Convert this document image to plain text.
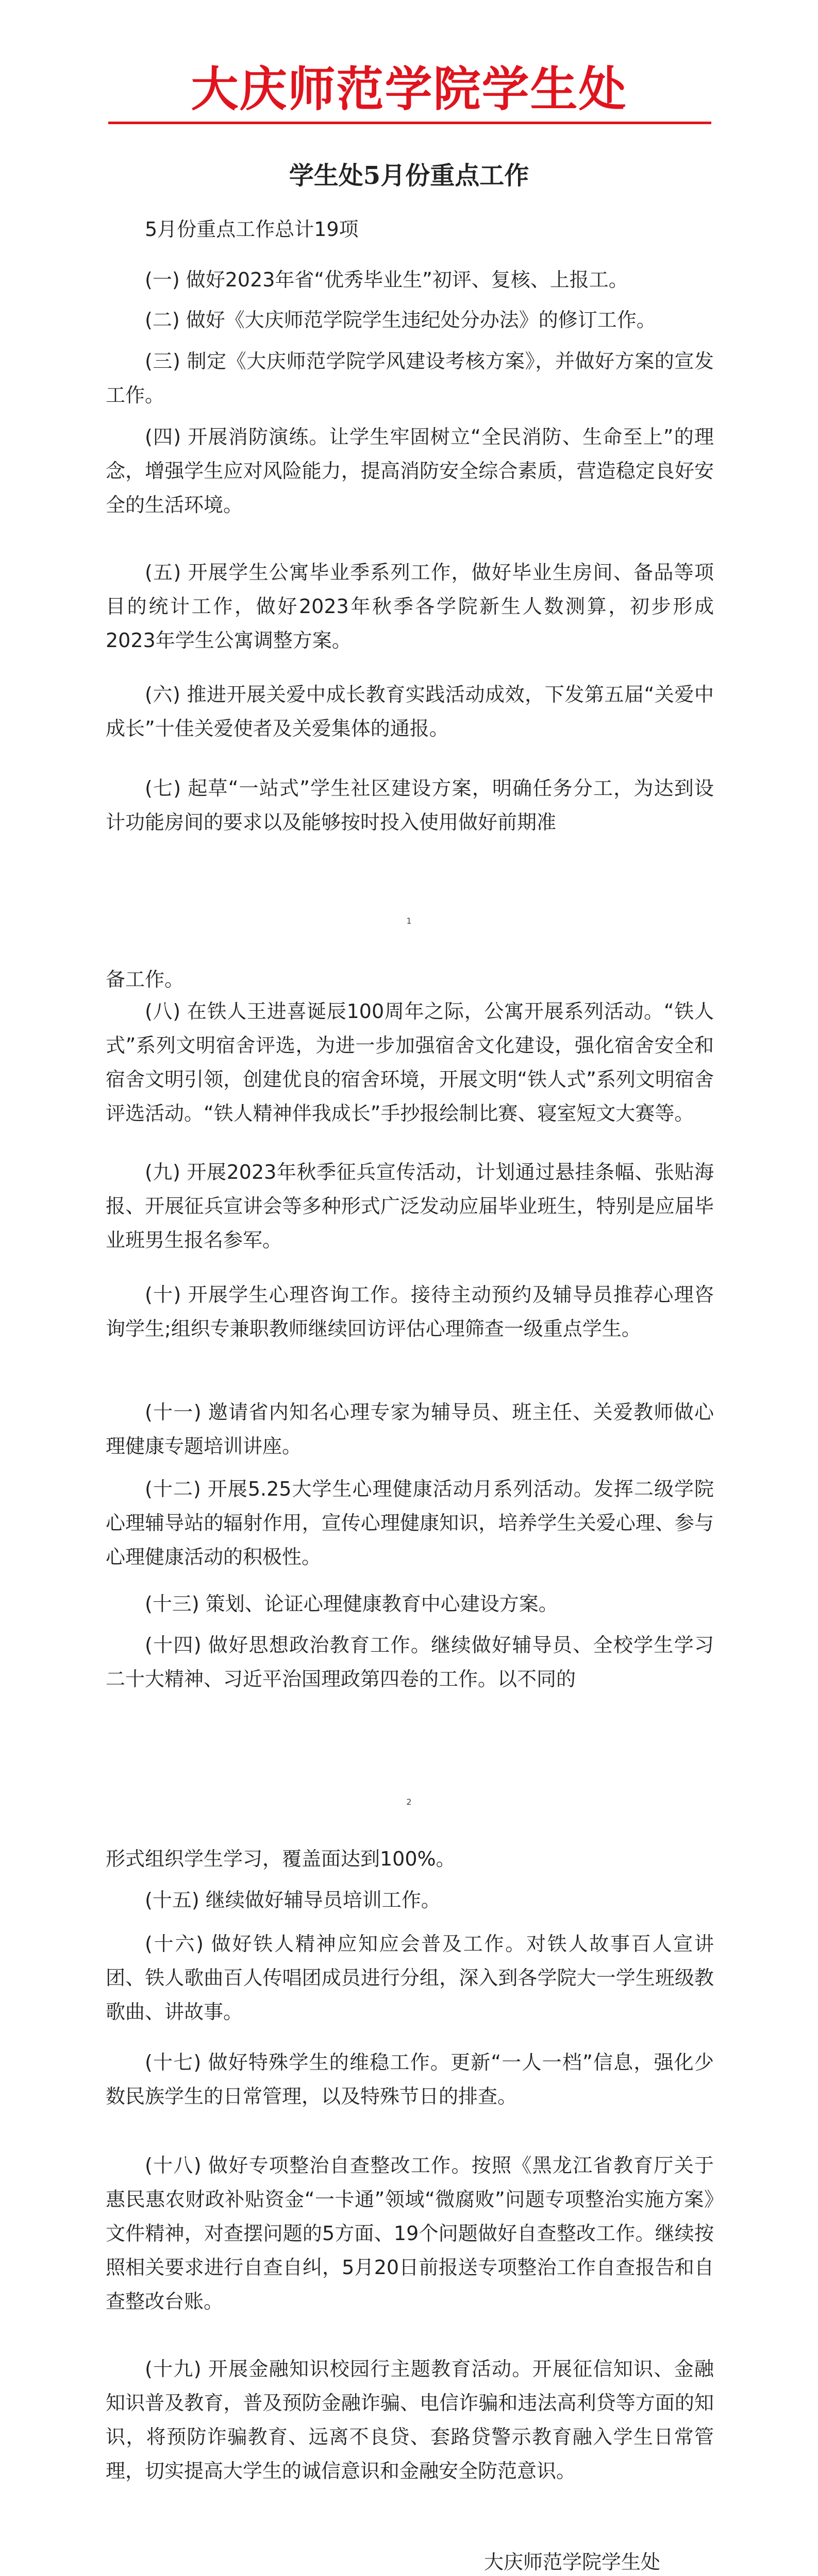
大庆师范学院学生处
学生处5月份重点工作
5月份重点工作总计19项
(一) 做好2023年省“优秀毕业生”初评、复核、上报工。
(二) 做好《大庆师范学院学生违纪处分办法》的修订工作。
(三) 制定《大庆师范学院学风建设考核方案》，并做好方案的宣发工作。
(四) 开展消防演练。让学生牢固树立“全民消防、生命至上”的理念，增强学生应对风险能力，提高消防安全综合素质，营造稳定良好安全的生活环境。
(五) 开展学生公寓毕业季系列工作，做好毕业生房间、备品等项目的统计工作，做好2023年秋季各学院新生人数测算，初步形成2023年学生公寓调整方案。
(六) 推进开展关爱中成长教育实践活动成效，下发第五届“关爱中成长”十佳关爱使者及关爱集体的通报。
(七) 起草“一站式”学生社区建设方案，明确任务分工，为达到设计功能房间的要求以及能够按时投入使用做好前期准
1
备工作。
(八) 在铁人王进喜诞辰100周年之际，公寓开展系列活动。“铁人式”系列文明宿舍评选，为进一步加强宿舍文化建设，强化宿舍安全和宿舍文明引领，创建优良的宿舍环境，开展文明“铁人式”系列文明宿舍评选活动。“铁人精神伴我成长”手抄报绘制比赛、寝室短文大赛等。
(九) 开展2023年秋季征兵宣传活动，计划通过悬挂条幅、张贴海报、开展征兵宣讲会等多种形式广泛发动应届毕业班生，特别是应届毕业班男生报名参军。
(十) 开展学生心理咨询工作。接待主动预约及辅导员推荐心理咨询学生;组织专兼职教师继续回访评估心理筛查一级重点学生。
(十一) 邀请省内知名心理专家为辅导员、班主任、关爱教师做心理健康专题培训讲座。
(十二) 开展5.25大学生心理健康活动月系列活动。发挥二级学院心理辅导站的辐射作用，宣传心理健康知识，培养学生关爱心理、参与心理健康活动的积极性。
(十三) 策划、论证心理健康教育中心建设方案。
(十四) 做好思想政治教育工作。继续做好辅导员、全校学生学习二十大精神、习近平治国理政第四卷的工作。以不同的
2
形式组织学生学习，覆盖面达到100%。
(十五) 继续做好辅导员培训工作。
(十六) 做好铁人精神应知应会普及工作。对铁人故事百人宣讲团、铁人歌曲百人传唱团成员进行分组，深入到各学院大一学生班级教歌曲、讲故事。
(十七) 做好特殊学生的维稳工作。更新“一人一档”信息，强化少数民族学生的日常管理，以及特殊节日的排查。
(十八) 做好专项整治自查整改工作。按照《黑龙江省教育厅关于惠民惠农财政补贴资金“一卡通”领域“微腐败”问题专项整治实施方案》文件精神，对查摆问题的5方面、19个问题做好自查整改工作。继续按照相关要求进行自查自纠，5月20日前报送专项整治工作自查报告和自查整改台账。
(十九) 开展金融知识校园行主题教育活动。开展征信知识、金融知识普及教育，普及预防金融诈骗、电信诈骗和违法高利贷等方面的知识，将预防诈骗教育、远离不良贷、套路贷警示教育融入学生日常管理，切实提高大学生的诚信意识和金融安全防范意识。
大庆师范学院学生处
